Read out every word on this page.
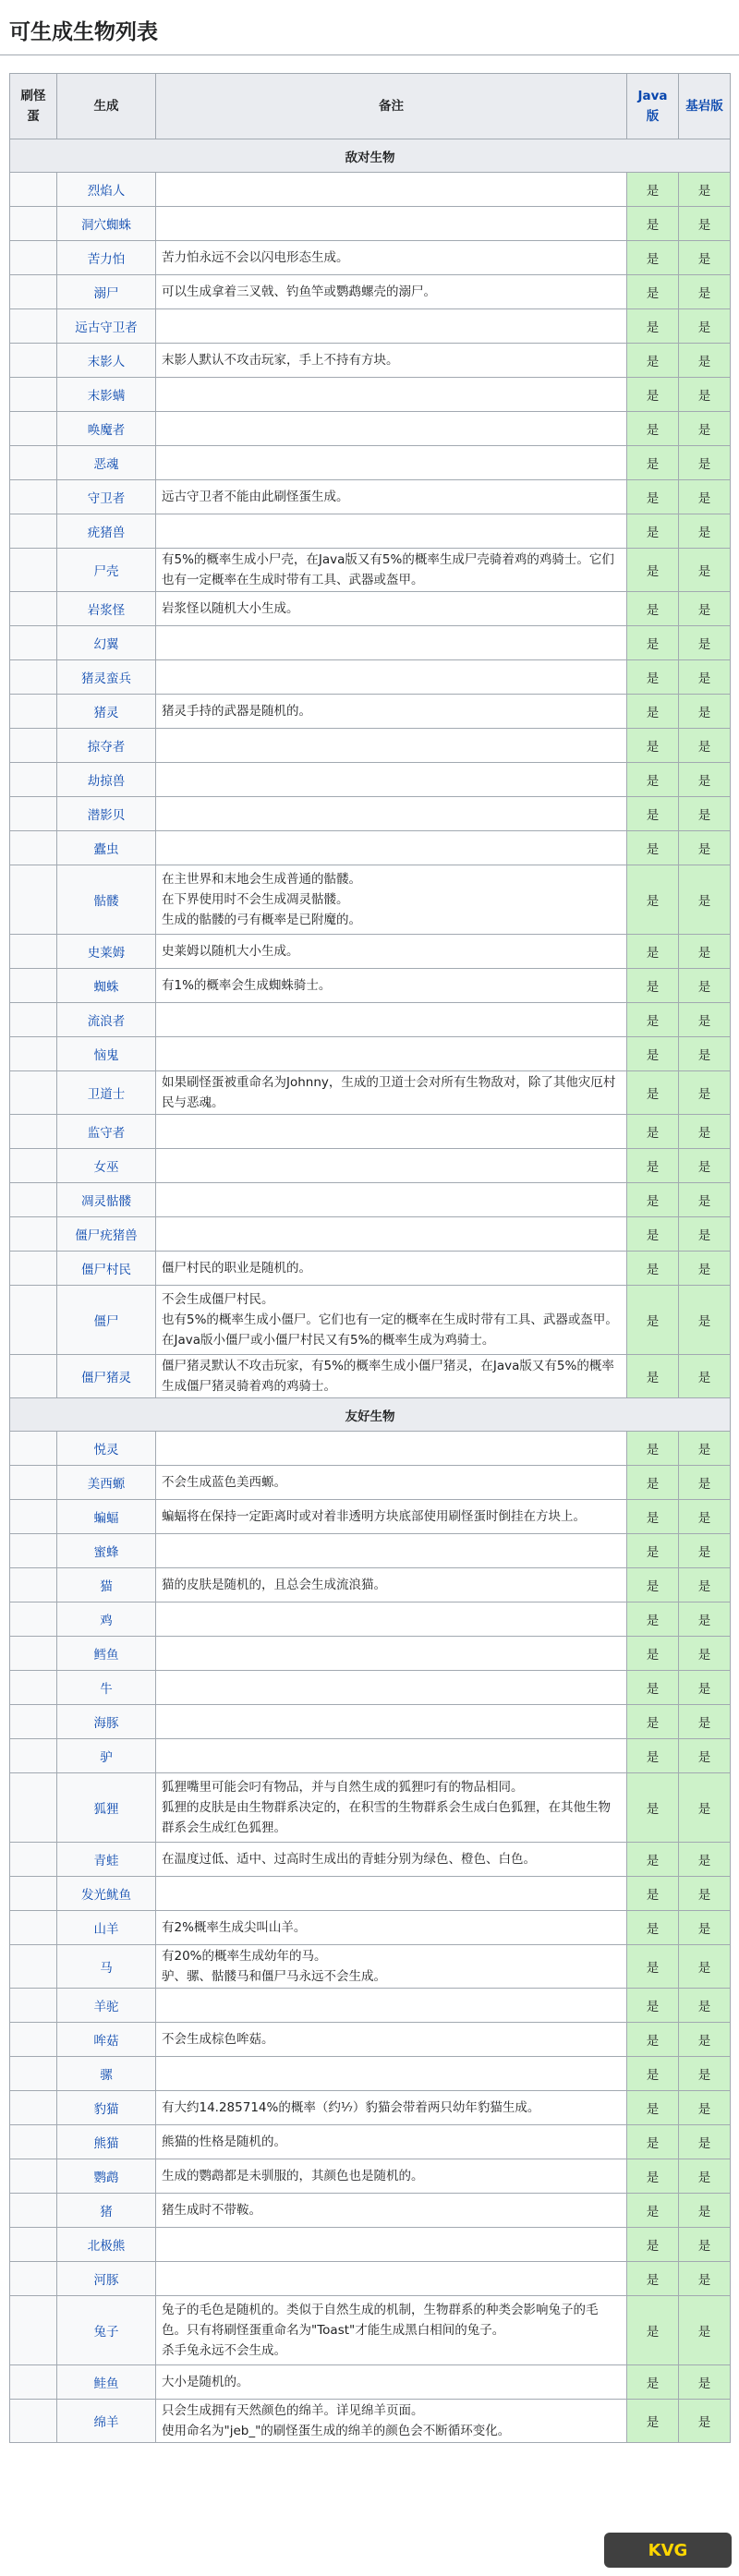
可生成生物列表
刷怪蛋	生成	备注	Java版	基岩版
敌对生物				
	烈焰人		是	是
	洞穴蜘蛛		是	是
	苦力怕	苦力怕永远不会以闪电形态生成。	是	是
	溺尸	可以生成拿着三叉戟、钓鱼竿或鹦鹉螺壳的溺尸。	是	是
	远古守卫者		是	是
	末影人	末影人默认不攻击玩家，手上不持有方块。	是	是
	末影螨		是	是
	唤魔者		是	是
	恶魂		是	是
	守卫者	远古守卫者不能由此刷怪蛋生成。	是	是
	疣猪兽		是	是
	尸壳	有5%的概率生成小尸壳，在Java版又有5%的概率生成尸壳骑着鸡的鸡骑士。它们也有一定概率在生成时带有工具、武器或盔甲。	是	是
	岩浆怪	岩浆怪以随机大小生成。	是	是
	幻翼		是	是
	猪灵蛮兵		是	是
	猪灵	猪灵手持的武器是随机的。	是	是
	掠夺者		是	是
	劫掠兽		是	是
	潜影贝		是	是
	蠹虫		是	是
	骷髅	在主世界和末地会生成普通的骷髅。
在下界使用时不会生成凋灵骷髅。
生成的骷髅的弓有概率是已附魔的。	是	是
	史莱姆	史莱姆以随机大小生成。	是	是
	蜘蛛	有1%的概率会生成蜘蛛骑士。	是	是
	流浪者		是	是
	恼鬼		是	是
	卫道士	如果刷怪蛋被重命名为Johnny，生成的卫道士会对所有生物敌对，除了其他灾厄村民与恶魂。	是	是
	监守者		是	是
	女巫		是	是
	凋灵骷髅		是	是
	僵尸疣猪兽		是	是
	僵尸村民	僵尸村民的职业是随机的。	是	是
	僵尸	不会生成僵尸村民。
也有5%的概率生成小僵尸。它们也有一定的概率在生成时带有工具、武器或盔甲。在Java版小僵尸或小僵尸村民又有5%的概率生成为鸡骑士。	是	是
	僵尸猪灵	僵尸猪灵默认不攻击玩家，有5%的概率生成小僵尸猪灵，在Java版又有5%的概率生成僵尸猪灵骑着鸡的鸡骑士。	是	是
友好生物				
	悦灵		是	是
	美西螈	不会生成蓝色美西螈。	是	是
	蝙蝠	蝙蝠将在保持一定距离时或对着非透明方块底部使用刷怪蛋时倒挂在方块上。	是	是
	蜜蜂		是	是
	猫	猫的皮肤是随机的，且总会生成流浪猫。	是	是
	鸡		是	是
	鳕鱼		是	是
	牛		是	是
	海豚		是	是
	驴		是	是
	狐狸	狐狸嘴里可能会叼有物品，并与自然生成的狐狸叼有的物品相同。
狐狸的皮肤是由生物群系决定的，在积雪的生物群系会生成白色狐狸，在其他生物群系会生成红色狐狸。	是	是
	青蛙	在温度过低、适中、过高时生成出的青蛙分别为绿色、橙色、白色。	是	是
	发光鱿鱼		是	是
	山羊	有2%概率生成尖叫山羊。	是	是
	马	有20%的概率生成幼年的马。
驴、骡、骷髅马和僵尸马永远不会生成。	是	是
	羊驼		是	是
	哞菇	不会生成棕色哞菇。	是	是
	骡		是	是
	豹猫	有大约14.285714%的概率（约⅐）豹猫会带着两只幼年豹猫生成。	是	是
	熊猫	熊猫的性格是随机的。	是	是
	鹦鹉	生成的鹦鹉都是未驯服的，其颜色也是随机的。	是	是
	猪	猪生成时不带鞍。	是	是
	北极熊		是	是
	河豚		是	是
	兔子	兔子的毛色是随机的。类似于自然生成的机制，生物群系的种类会影响兔子的毛色。只有将刷怪蛋重命名为"Toast"才能生成黑白相间的兔子。
杀手兔永远不会生成。	是	是
	鲑鱼	大小是随机的。	是	是
	绵羊	只会生成拥有天然颜色的绵羊。详见绵羊页面。
使用命名为"jeb_"的刷怪蛋生成的绵羊的颜色会不断循环变化。	是	是
KVG
